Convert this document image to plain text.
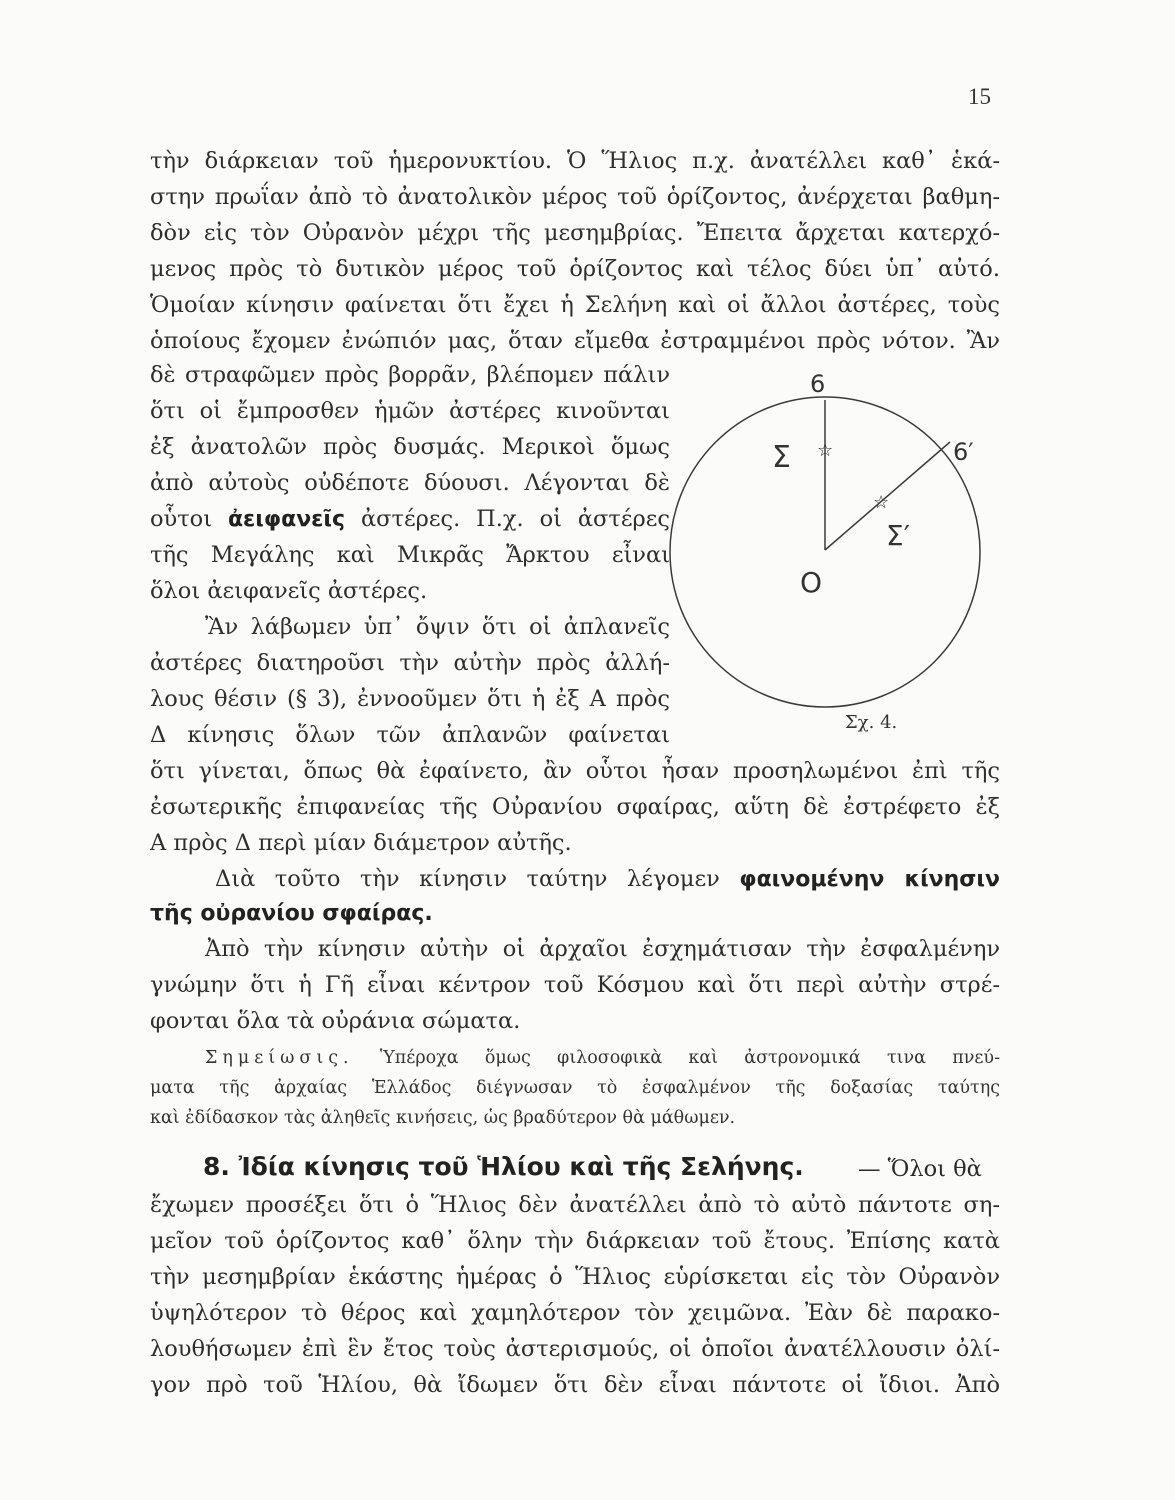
15
τὴν διάρκειαν τοῦ ἡμερονυκτίου. Ὁ Ἥλιος π.χ. ἀνατέλλει καθ᾽ ἑκά-
στην πρωΐαν ἀπὸ τὸ ἀνατολικὸν μέρος τοῦ ὁρίζοντος, ἀνέρχεται βαθμη-
δὸν εἰς τὸν Οὐρανὸν μέχρι τῆς μεσημβρίας. Ἔπειτα ἄρχεται κατερχό-
μενος πρὸς τὸ δυτικὸν μέρος τοῦ ὁρίζοντος καὶ τέλος δύει ὑπ᾽ αὐτό.
Ὁμοίαν κίνησιν φαίνεται ὅτι ἔχει ἡ Σελήνη καὶ οἱ ἄλλοι ἀστέρες, τοὺς
ὁποίους ἔχομεν ἐνώπιόν μας, ὅταν εἴμεθα ἐστραμμένοι πρὸς νότον. Ἂν
δὲ στραφῶμεν πρὸς βορρᾶν, βλέπομεν πάλιν
ὅτι οἱ ἔμπροσθεν ἡμῶν ἀστέρες κινοῦνται
ἐξ ἀνατολῶν πρὸς δυσμάς. Μερικοὶ ὅμως
ἀπὸ αὐτοὺς οὐδέποτε δύουσι. Λέγονται δὲ
οὗτοι ἀειφανεῖς ἀστέρες. Π.χ. οἱ ἀστέρες
τῆς Μεγάλης καὶ Μικρᾶς Ἄρκτου εἶναι
ὅλοι ἀειφανεῖς ἀστέρες.
Ἂν λάβωμεν ὑπ᾽ ὄψιν ὅτι οἱ ἀπλανεῖς
ἀστέρες διατηροῦσι τὴν αὐτὴν πρὸς ἀλλή-
λους θέσιν (§ 3), ἐννοοῦμεν ὅτι ἡ ἐξ Α πρὸς
Δ κίνησις ὅλων τῶν ἀπλανῶν φαίνεται
ὅτι γίνεται, ὅπως θὰ ἐφαίνετο, ἂν οὗτοι ἦσαν προσηλωμένοι ἐπὶ τῆς
ἐσωτερικῆς ἐπιφανείας τῆς Οὐρανίου σφαίρας, αὕτη δὲ ἐστρέφετο ἐξ
Α πρὸς Δ περὶ μίαν διάμετρον αὐτῆς.
Διὰ τοῦτο τὴν κίνησιν ταύτην λέγομεν φαινομένην κίνησιν
τῆς οὐρανίου σφαίρας.
Ἀπὸ τὴν κίνησιν αὐτὴν οἱ ἀρχαῖοι ἐσχημάτισαν τὴν ἐσφαλμένην
γνώμην ὅτι ἡ Γῆ εἶναι κέντρον τοῦ Κόσμου καὶ ὅτι περὶ αὐτὴν στρέ-
φονται ὅλα τὰ οὐράνια σώματα.
Σημείωσις. Ὑπέροχα ὅμως φιλοσοφικὰ καὶ ἀστρονομικά τινα πνεύ-
ματα τῆς ἀρχαίας Ἑλλάδος διέγνωσαν τὸ ἐσφαλμένον τῆς δοξασίας ταύτης
καὶ ἐδίδασκον τὰς ἀληθεῖς κινήσεις, ὡς βραδύτερον θὰ μάθωμεν.
8. Ἰδία κίνησις τοῦ Ἡλίου καὶ τῆς Σελήνης. — Ὅλοι θὰ
ἔχωμεν προσέξει ὅτι ὁ Ἥλιος δὲν ἀνατέλλει ἀπὸ τὸ αὐτὸ πάντοτε ση-
μεῖον τοῦ ὁρίζοντος καθ᾽ ὅλην τὴν διάρκειαν τοῦ ἔτους. Ἐπίσης κατὰ
τὴν μεσημβρίαν ἑκάστης ἡμέρας ὁ Ἥλιος εὑρίσκεται εἰς τὸν Οὐρανὸν
ὑψηλότερον τὸ θέρος καὶ χαμηλότερον τὸν χειμῶνα. Ἐὰν δὲ παρακο-
λουθήσωμεν ἐπὶ ἓν ἔτος τοὺς ἀστερισμούς, οἱ ὁποῖοι ἀνατέλλουσιν ὀλί-
γον πρὸ τοῦ Ἡλίου, θὰ ἴδωμεν ὅτι δὲν εἶναι πάντοτε οἱ ἴδιοι. Ἀπὸ
6
6′
Σ ☆
☆
Σ′
O
Σχ. 4.
